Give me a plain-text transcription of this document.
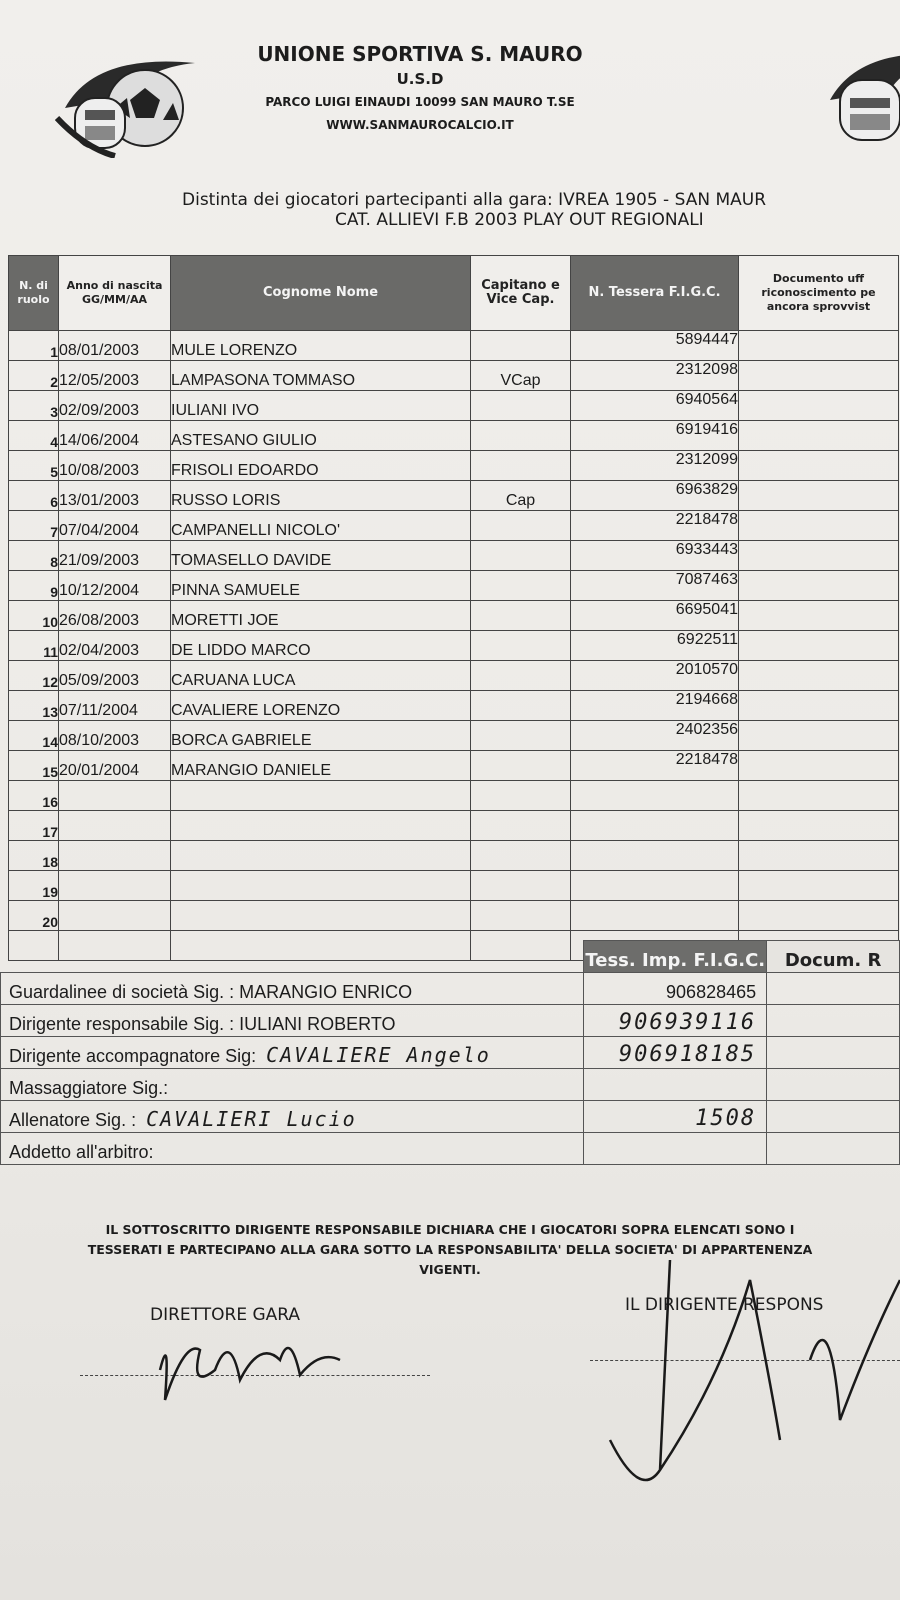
UNIONE SPORTIVA S. MAURO
U.S.D
PARCO LUIGI EINAUDI 10099 SAN MAURO T.SE
WWW.SANMAUROCALCIO.IT
Distinta dei giocatori partecipanti alla gara: IVREA 1905 - SAN MAUR
CAT. ALLIEVI F.B 2003 PLAY OUT REGIONALI
N. di ruolo	Anno di nascita GG/MM/AA	Cognome Nome	Capitano e Vice Cap.	N. Tessera F.I.G.C.	Documento uff riconoscimento pe ancora sprovvist
1	08/01/2003	MULE LORENZO		5894447	
2	12/05/2003	LAMPASONA TOMMASO	VCap	2312098	
3	02/09/2003	IULIANI IVO		6940564	
4	14/06/2004	ASTESANO GIULIO		6919416	
5	10/08/2003	FRISOLI EDOARDO		2312099	
6	13/01/2003	RUSSO LORIS	Cap	6963829	
7	07/04/2004	CAMPANELLI NICOLO'		2218478	
8	21/09/2003	TOMASELLO DAVIDE		6933443	
9	10/12/2004	PINNA SAMUELE		7087463	
10	26/08/2003	MORETTI JOE		6695041	
11	02/04/2003	DE LIDDO MARCO		6922511	
12	05/09/2003	CARUANA LUCA		2010570	
13	07/11/2004	CAVALIERE LORENZO		2194668	
14	08/10/2003	BORCA GABRIELE		2402356	
15	20/01/2004	MARANGIO DANIELE		2218478	
16					
17					
18					
19					
20					

	Tess. Imp. F.I.G.C.	Docum. R
Guardalinee di società Sig. : MARANGIO ENRICO	906828465	
Dirigente responsabile Sig. : IULIANI ROBERTO	906939116	
Dirigente accompagnatore Sig: CAVALIERE Angelo	906918185	
Massaggiatore Sig.:		
Allenatore Sig. : CAVALIERI Lucio	1508	
Addetto all'arbitro:		
IL SOTTOSCRITTO DIRIGENTE RESPONSABILE DICHIARA CHE I GIOCATORI SOPRA ELENCATI SONO I
TESSERATI E PARTECIPANO ALLA GARA SOTTO LA RESPONSABILITA' DELLA SOCIETA' DI APPARTENENZA
VIGENTI.
DIRETTORE GARA	IL DIRIGENTE RESPONS
